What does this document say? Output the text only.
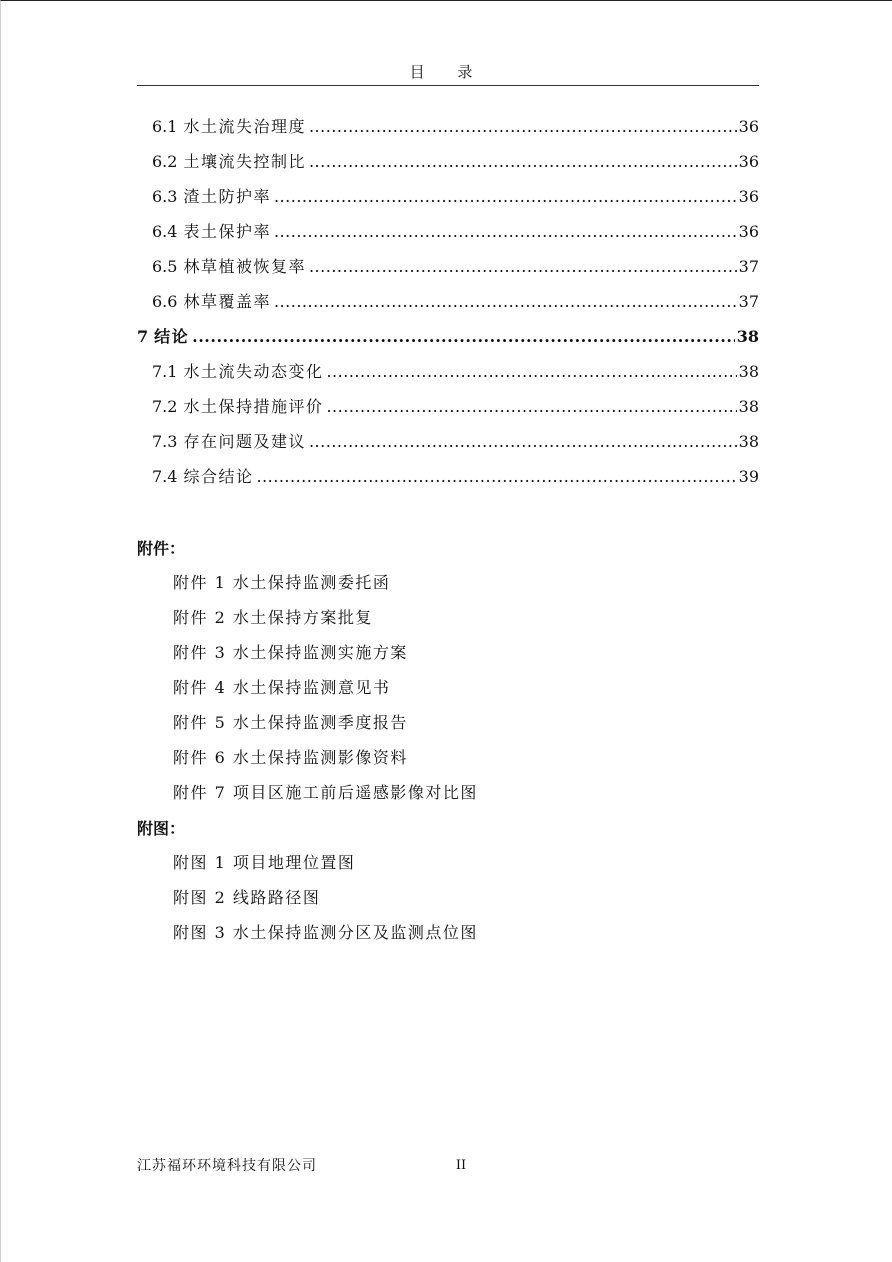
目 录
6.1 水土流失治理度 .....	36
6.2 土壤流失控制比 .....	36
6.3 渣土防护率 .....	36
6.4 表土保护率 .....	36
6.5 林草植被恢复率 .....	37
6.6 林草覆盖率 .....	37
7 结论 .....	38
7.1 水土流失动态变化 .....	38
7.2 水土保持措施评价 .....	38
7.3 存在问题及建议 .....	38
7.4 综合结论 .....	39
附件：
附件 1 水土保持监测委托函
附件 2 水土保持方案批复
附件 3 水土保持监测实施方案
附件 4 水土保持监测意见书
附件 5 水土保持监测季度报告
附件 6 水土保持监测影像资料
附件 7 项目区施工前后遥感影像对比图
附图：
附图 1 项目地理位置图
附图 2 线路路径图
附图 3 水土保持监测分区及监测点位图
江苏福环环境科技有限公司	II
